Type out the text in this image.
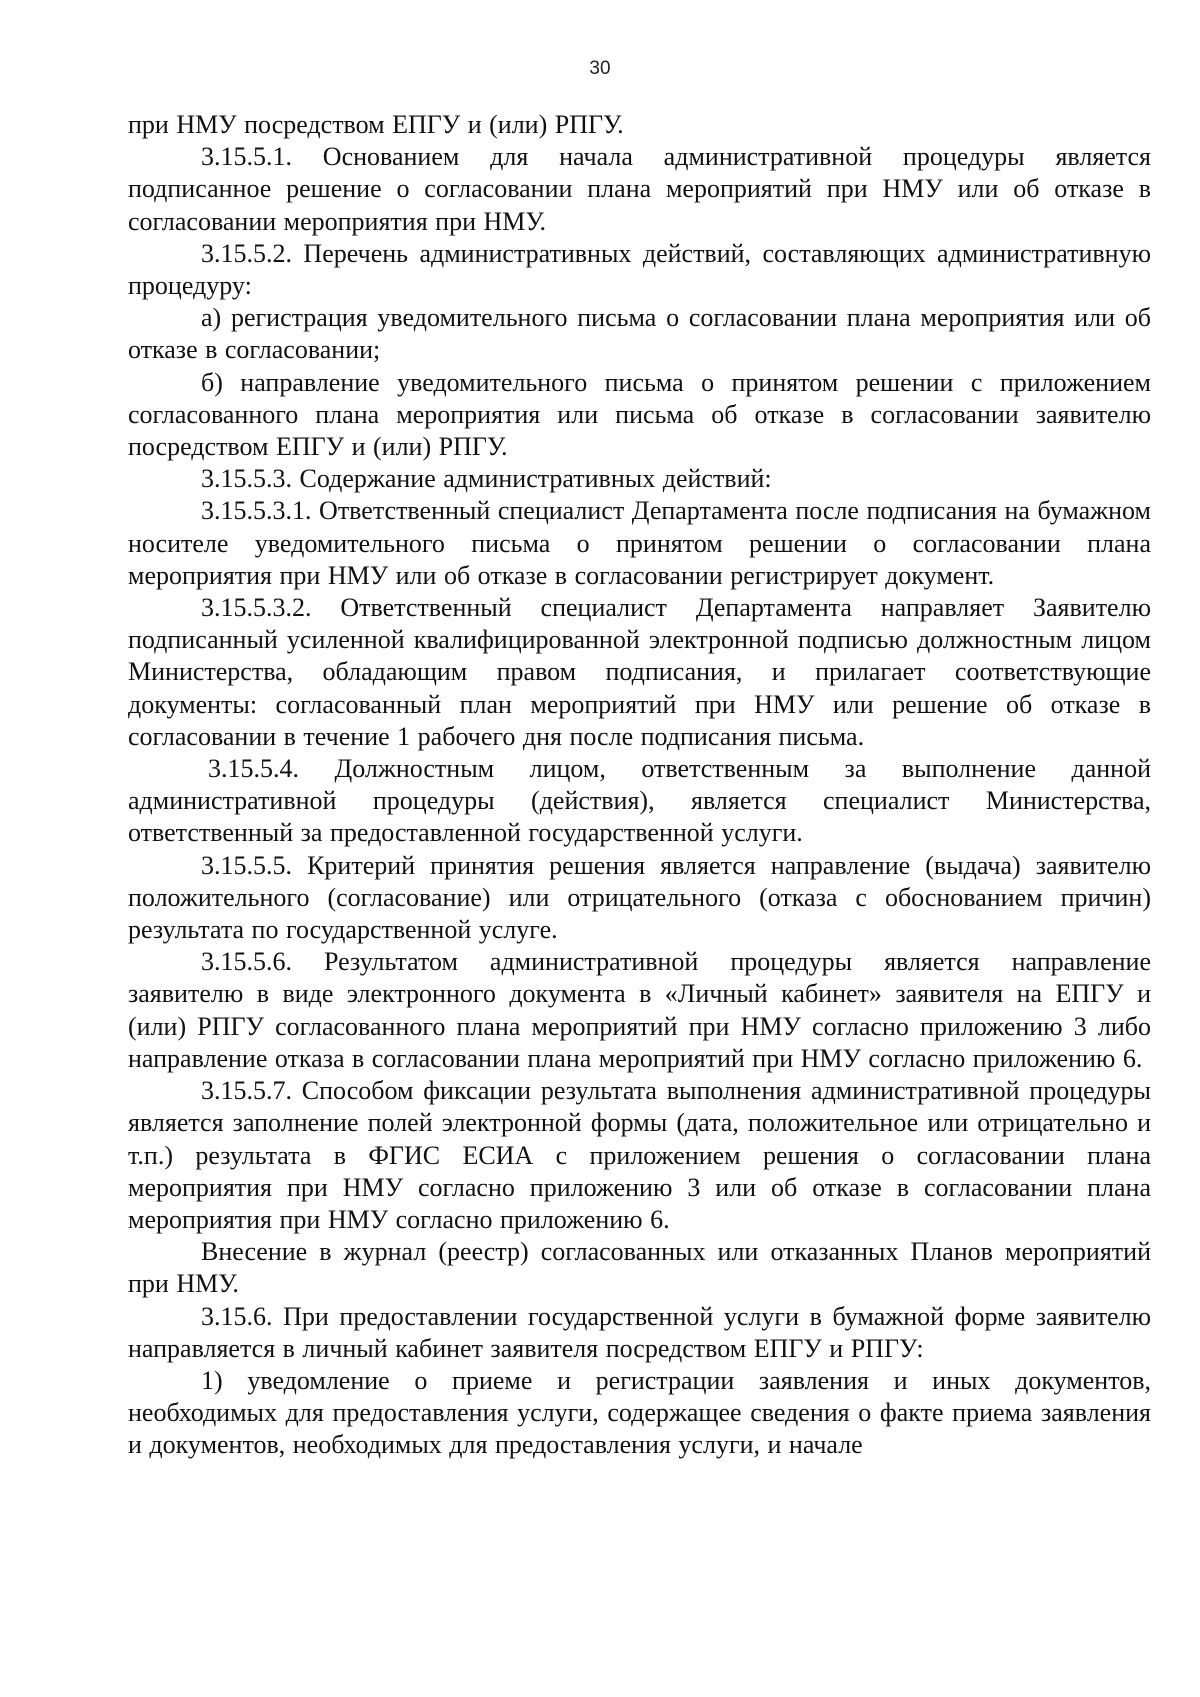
30

при НМУ посредством ЕПГУ и (или) РПГУ.

3.15.5.1. Основанием для начала административной процедуры является подписанное решение о согласовании плана мероприятий при НМУ или об отказе в согласовании мероприятия при НМУ.

3.15.5.2. Перечень административных действий, составляющих административную процедуру:

а) регистрация уведомительного письма о согласовании плана мероприятия или об отказе в согласовании;

б) направление уведомительного письма о принятом решении с приложением согласованного плана мероприятия или письма об отказе в согласовании заявителю посредством ЕПГУ и (или) РПГУ.

3.15.5.3. Содержание административных действий:

3.15.5.3.1. Ответственный специалист Департамента после подписания на бумажном носителе уведомительного письма о принятом решении о согласовании плана мероприятия при НМУ или об отказе в согласовании регистрирует документ.

3.15.5.3.2. Ответственный специалист Департамента направляет Заявителю подписанный усиленной квалифицированной электронной подписью должностным лицом Министерства, обладающим правом подписания, и прилагает соответствующие документы: согласованный план мероприятий при НМУ или решение об отказе в согласовании в течение 1 рабочего дня после подписания письма.

3.15.5.4. Должностным лицом, ответственным за выполнение данной административной процедуры (действия), является специалист Министерства, ответственный за предоставленной государственной услуги.

3.15.5.5. Критерий принятия решения является направление (выдача) заявителю положительного (согласование) или отрицательного (отказа с обоснованием причин) результата по государственной услуге.

3.15.5.6. Результатом административной процедуры является направление заявителю в виде электронного документа в «Личный кабинет» заявителя на ЕПГУ и (или) РПГУ согласованного плана мероприятий при НМУ согласно приложению 3 либо направление отказа в согласовании плана мероприятий при НМУ согласно приложению 6.

3.15.5.7. Способом фиксации результата выполнения административной процедуры является заполнение полей электронной формы (дата, положительное или отрицательно и т.п.) результата в ФГИС ЕСИА с приложением решения о согласовании плана мероприятия при НМУ согласно приложению 3 или об отказе в согласовании плана мероприятия при НМУ согласно приложению 6.

Внесение в журнал (реестр) согласованных или отказанных Планов мероприятий при НМУ.

3.15.6. При предоставлении государственной услуги в бумажной форме заявителю направляется в личный кабинет заявителя посредством ЕПГУ и РПГУ:

1) уведомление о приеме и регистрации заявления и иных документов, необходимых для предоставления услуги, содержащее сведения о факте приема заявления и документов, необходимых для предоставления услуги, и начале
